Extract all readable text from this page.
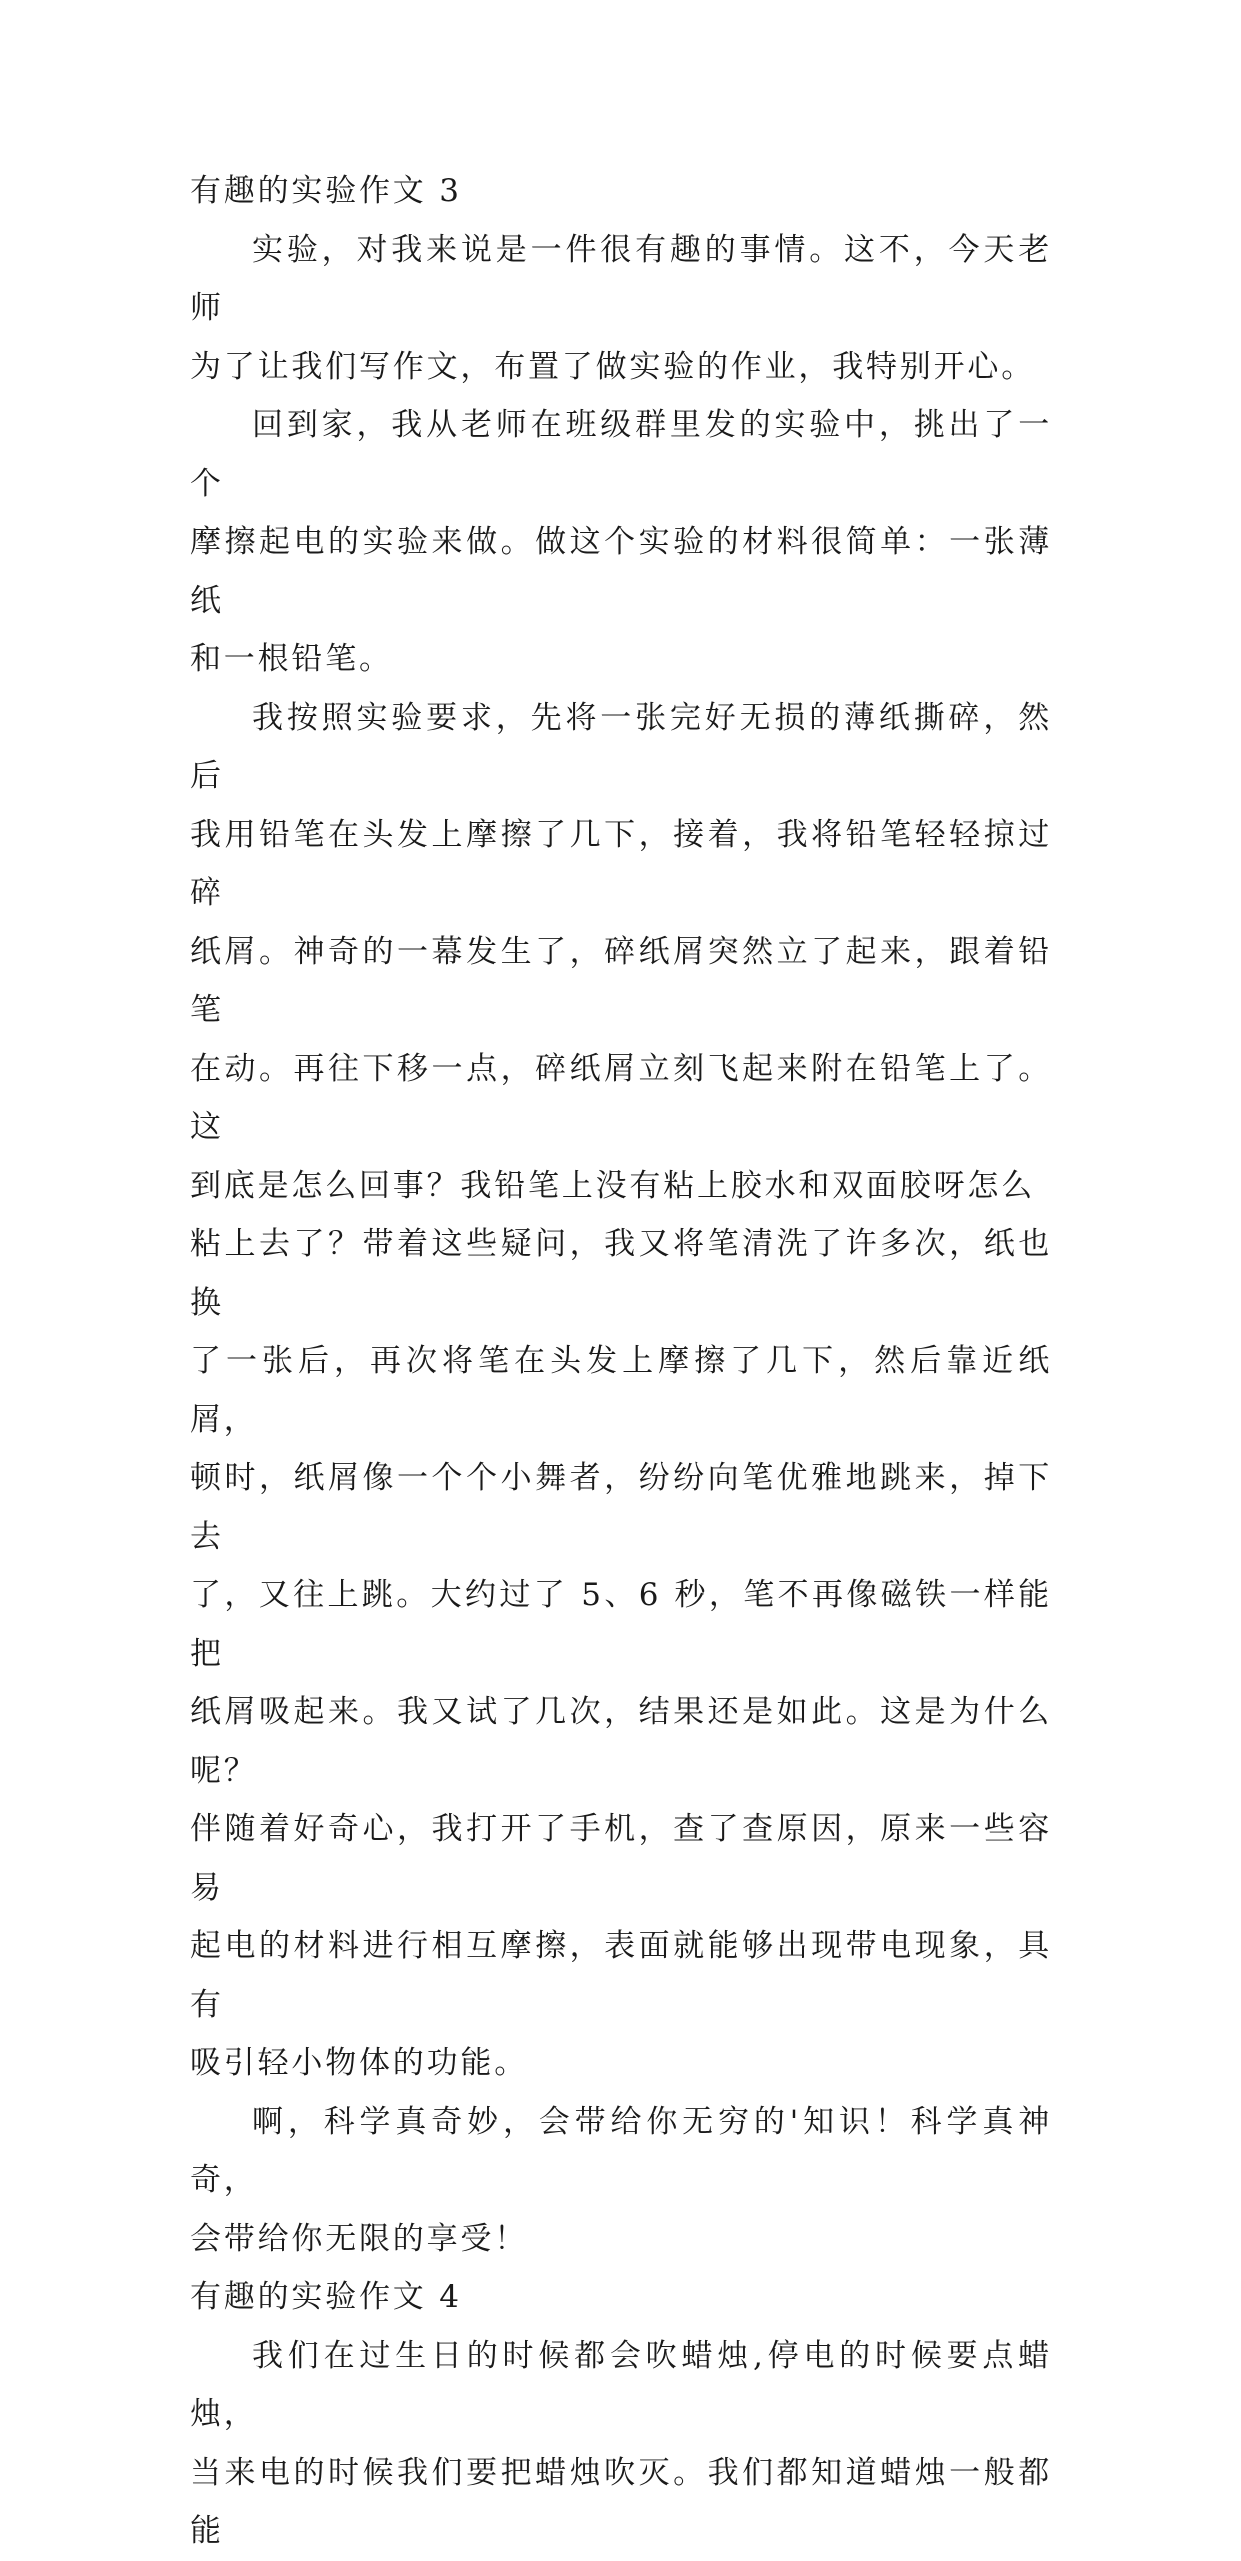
有趣的实验作文 3

实验，对我来说是一件很有趣的事情。这不，今天老师
为了让我们写作文，布置了做实验的作业，我特别开心。

回到家，我从老师在班级群里发的实验中，挑出了一个
摩擦起电的实验来做。做这个实验的材料很简单：一张薄纸
和一根铅笔。

我按照实验要求，先将一张完好无损的薄纸撕碎，然后
我用铅笔在头发上摩擦了几下，接着，我将铅笔轻轻掠过碎
纸屑。神奇的一幕发生了，碎纸屑突然立了起来，跟着铅笔
在动。再往下移一点，碎纸屑立刻飞起来附在铅笔上了。这
到底是怎么回事？我铅笔上没有粘上胶水和双面胶呀怎么
粘上去了？带着这些疑问，我又将笔清洗了许多次，纸也换
了一张后，再次将笔在头发上摩擦了几下，然后靠近纸屑，
顿时，纸屑像一个个小舞者，纷纷向笔优雅地跳来，掉下去
了，又往上跳。大约过了 5、6 秒，笔不再像磁铁一样能把
纸屑吸起来。我又试了几次，结果还是如此。这是为什么呢？
伴随着好奇心，我打开了手机，查了查原因，原来一些容易
起电的材料进行相互摩擦，表面就能够出现带电现象，具有
吸引轻小物体的功能。

啊，科学真奇妙，会带给你无穷的'知识！科学真神奇，
会带给你无限的享受！

有趣的实验作文 4

我们在过生日的时候都会吹蜡烛,停电的时候要点蜡烛，
当来电的时候我们要把蜡烛吹灭。我们都知道蜡烛一般都能
